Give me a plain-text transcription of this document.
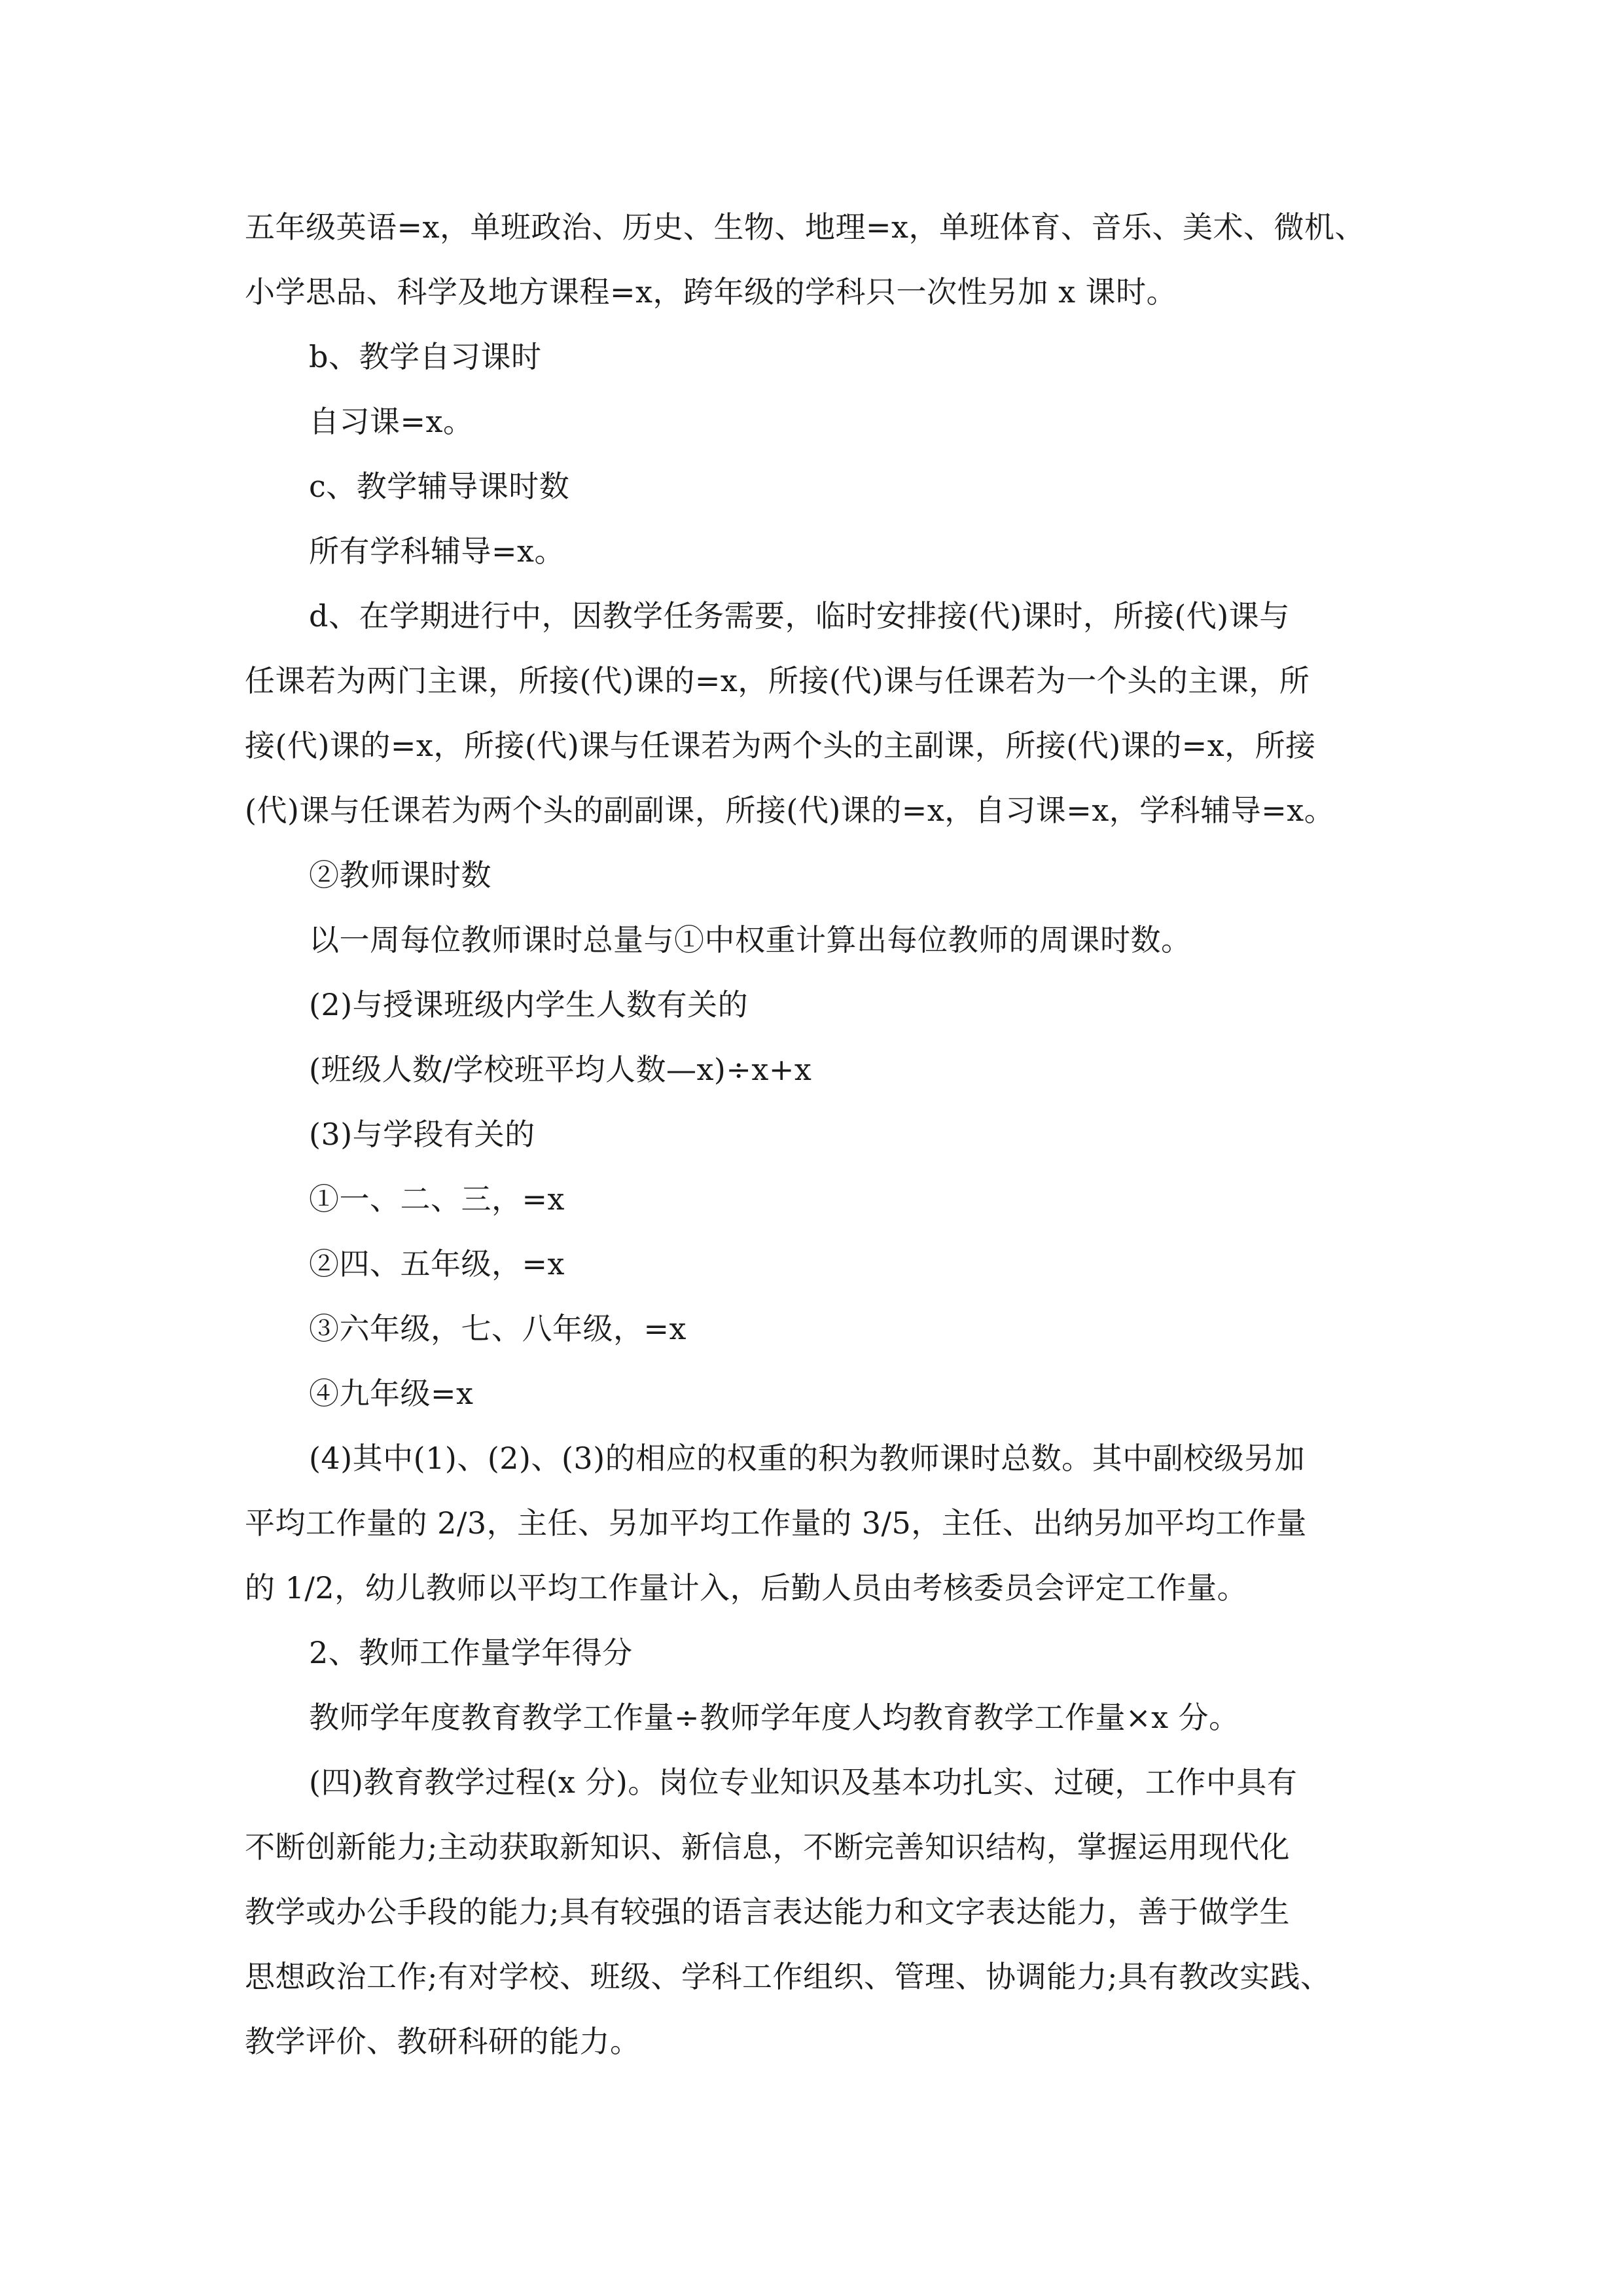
五年级英语=x，单班政治、历史、生物、地理=x，单班体育、音乐、美术、微机、
小学思品、科学及地方课程=x，跨年级的学科只一次性另加 x 课时。
b、教学自习课时
自习课=x。
c、教学辅导课时数
所有学科辅导=x。
d、在学期进行中，因教学任务需要，临时安排接(代)课时，所接(代)课与
任课若为两门主课，所接(代)课的=x，所接(代)课与任课若为一个头的主课，所
接(代)课的=x，所接(代)课与任课若为两个头的主副课，所接(代)课的=x，所接
(代)课与任课若为两个头的副副课，所接(代)课的=x，自习课=x，学科辅导=x。
②教师课时数
以一周每位教师课时总量与①中权重计算出每位教师的周课时数。
(2)与授课班级内学生人数有关的
(班级人数/学校班平均人数—x)÷x+x
(3)与学段有关的
①一、二、三，=x
②四、五年级，=x
③六年级，七、八年级，=x
④九年级=x
(4)其中(1)、(2)、(3)的相应的权重的积为教师课时总数。其中副校级另加
平均工作量的 2/3，主任、另加平均工作量的 3/5，主任、出纳另加平均工作量
的 1/2，幼儿教师以平均工作量计入，后勤人员由考核委员会评定工作量。
2、教师工作量学年得分
教师学年度教育教学工作量÷教师学年度人均教育教学工作量×x 分。
(四)教育教学过程(x 分)。岗位专业知识及基本功扎实、过硬，工作中具有
不断创新能力;主动获取新知识、新信息，不断完善知识结构，掌握运用现代化
教学或办公手段的能力;具有较强的语言表达能力和文字表达能力，善于做学生
思想政治工作;有对学校、班级、学科工作组织、管理、协调能力;具有教改实践、
教学评价、教研科研的能力。
